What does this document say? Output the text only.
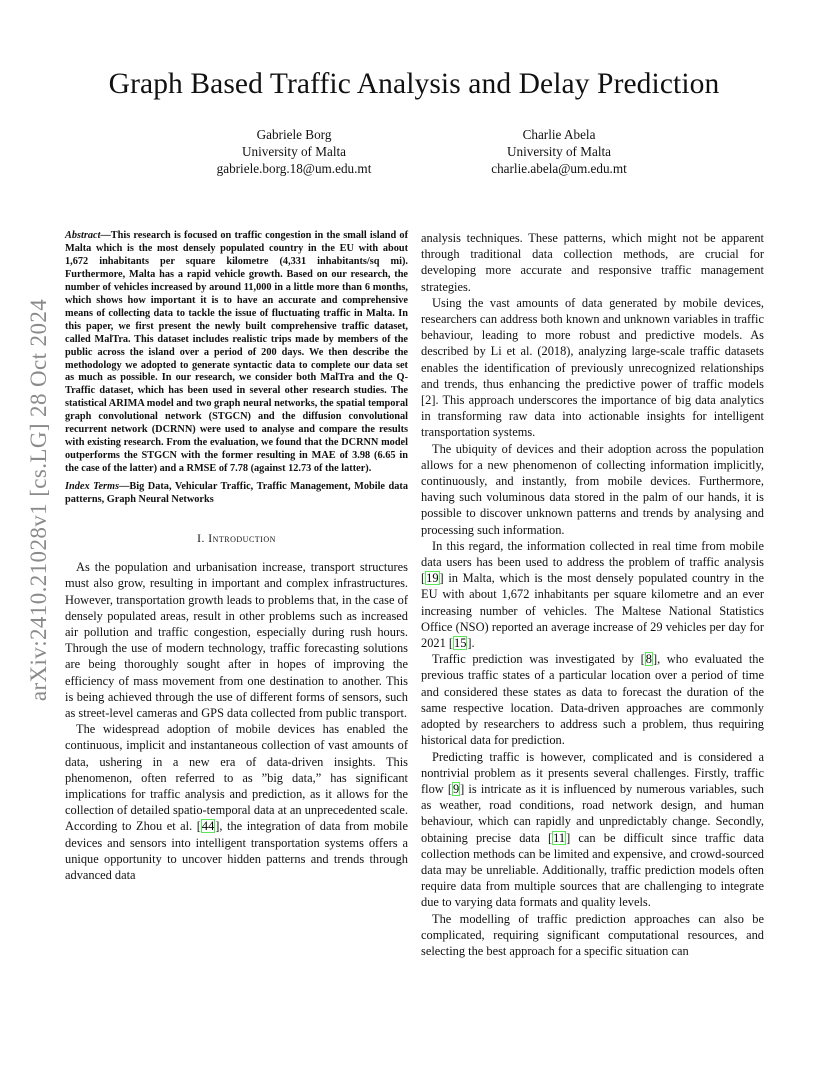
arXiv:2410.21028v1 [cs.LG] 28 Oct 2024
Graph Based Traffic Analysis and Delay Prediction
Gabriele Borg
University of Malta
gabriele.borg.18@um.edu.mt
Charlie Abela
University of Malta
charlie.abela@um.edu.mt

Abstract—This research is focused on traffic congestion in the small island of Malta which is the most densely populated country in the EU with about 1,672 inhabitants per square kilometre (4,331 inhabitants/sq mi). Furthermore, Malta has a rapid vehicle growth. Based on our research, the number of vehicles increased by around 11,000 in a little more than 6 months, which shows how important it is to have an accurate and comprehensive means of collecting data to tackle the issue of fluctuating traffic in Malta. In this paper, we first present the newly built comprehensive traffic dataset, called MalTra. This dataset includes realistic trips made by members of the public across the island over a period of 200 days. We then describe the methodology we adopted to generate syntactic data to complete our data set as much as possible. In our research, we consider both MalTra and the Q-Traffic dataset, which has been used in several other research studies. The statistical ARIMA model and two graph neural networks, the spatial temporal graph convolutional network (STGCN) and the diffusion convolutional recurrent network (DCRNN) were used to analyse and compare the results with existing research. From the evaluation, we found that the DCRNN model outperforms the STGCN with the former resulting in MAE of 3.98 (6.65 in the case of the latter) and a RMSE of 7.78 (against 12.73 of the latter).

Index Terms—Big Data, Vehicular Traffic, Traffic Management, Mobile data patterns, Graph Neural Networks

I. Introduction

As the population and urbanisation increase, transport structures must also grow, resulting in important and complex infrastructures. However, transportation growth leads to problems that, in the case of densely populated areas, result in other problems such as increased air pollution and traffic congestion, especially during rush hours. Through the use of modern technology, traffic forecasting solutions are being thoroughly sought after in hopes of improving the efficiency of mass movement from one destination to another. This is being achieved through the use of different forms of sensors, such as street-level cameras and GPS data collected from public transport.

The widespread adoption of mobile devices has enabled the continuous, implicit and instantaneous collection of vast amounts of data, ushering in a new era of data-driven insights. This phenomenon, often referred to as ”big data,” has significant implications for traffic analysis and prediction, as it allows for the collection of detailed spatio-temporal data at an unprecedented scale. According to Zhou et al. [44], the integration of data from mobile devices and sensors into intelligent transportation systems offers a unique opportunity to uncover hidden patterns and trends through advanced data

analysis techniques. These patterns, which might not be apparent through traditional data collection methods, are crucial for developing more accurate and responsive traffic management strategies.

Using the vast amounts of data generated by mobile devices, researchers can address both known and unknown variables in traffic behaviour, leading to more robust and predictive models. As described by Li et al. (2018), analyzing large-scale traffic datasets enables the identification of previously unrecognized relationships and trends, thus enhancing the predictive power of traffic models [2]. This approach underscores the importance of big data analytics in transforming raw data into actionable insights for intelligent transportation systems.

The ubiquity of devices and their adoption across the population allows for a new phenomenon of collecting information implicitly, continuously, and instantly, from mobile devices. Furthermore, having such voluminous data stored in the palm of our hands, it is possible to discover unknown patterns and trends by analysing and processing such information.

In this regard, the information collected in real time from mobile data users has been used to address the problem of traffic analysis [19] in Malta, which is the most densely populated country in the EU with about 1,672 inhabitants per square kilometre and an ever increasing number of vehicles. The Maltese National Statistics Office (NSO) reported an average increase of 29 vehicles per day for 2021 [15].

Traffic prediction was investigated by [8], who evaluated the previous traffic states of a particular location over a period of time and considered these states as data to forecast the duration of the same respective location. Data-driven approaches are commonly adopted by researchers to address such a problem, thus requiring historical data for prediction.

Predicting traffic is however, complicated and is considered a nontrivial problem as it presents several challenges. Firstly, traffic flow [9] is intricate as it is influenced by numerous variables, such as weather, road conditions, road network design, and human behaviour, which can rapidly and unpredictably change. Secondly, obtaining precise data [11] can be difficult since traffic data collection methods can be limited and expensive, and crowd-sourced data may be unreliable. Additionally, traffic prediction models often require data from multiple sources that are challenging to integrate due to varying data formats and quality levels.

The modelling of traffic prediction approaches can also be complicated, requiring significant computational resources, and selecting the best approach for a specific situation can
